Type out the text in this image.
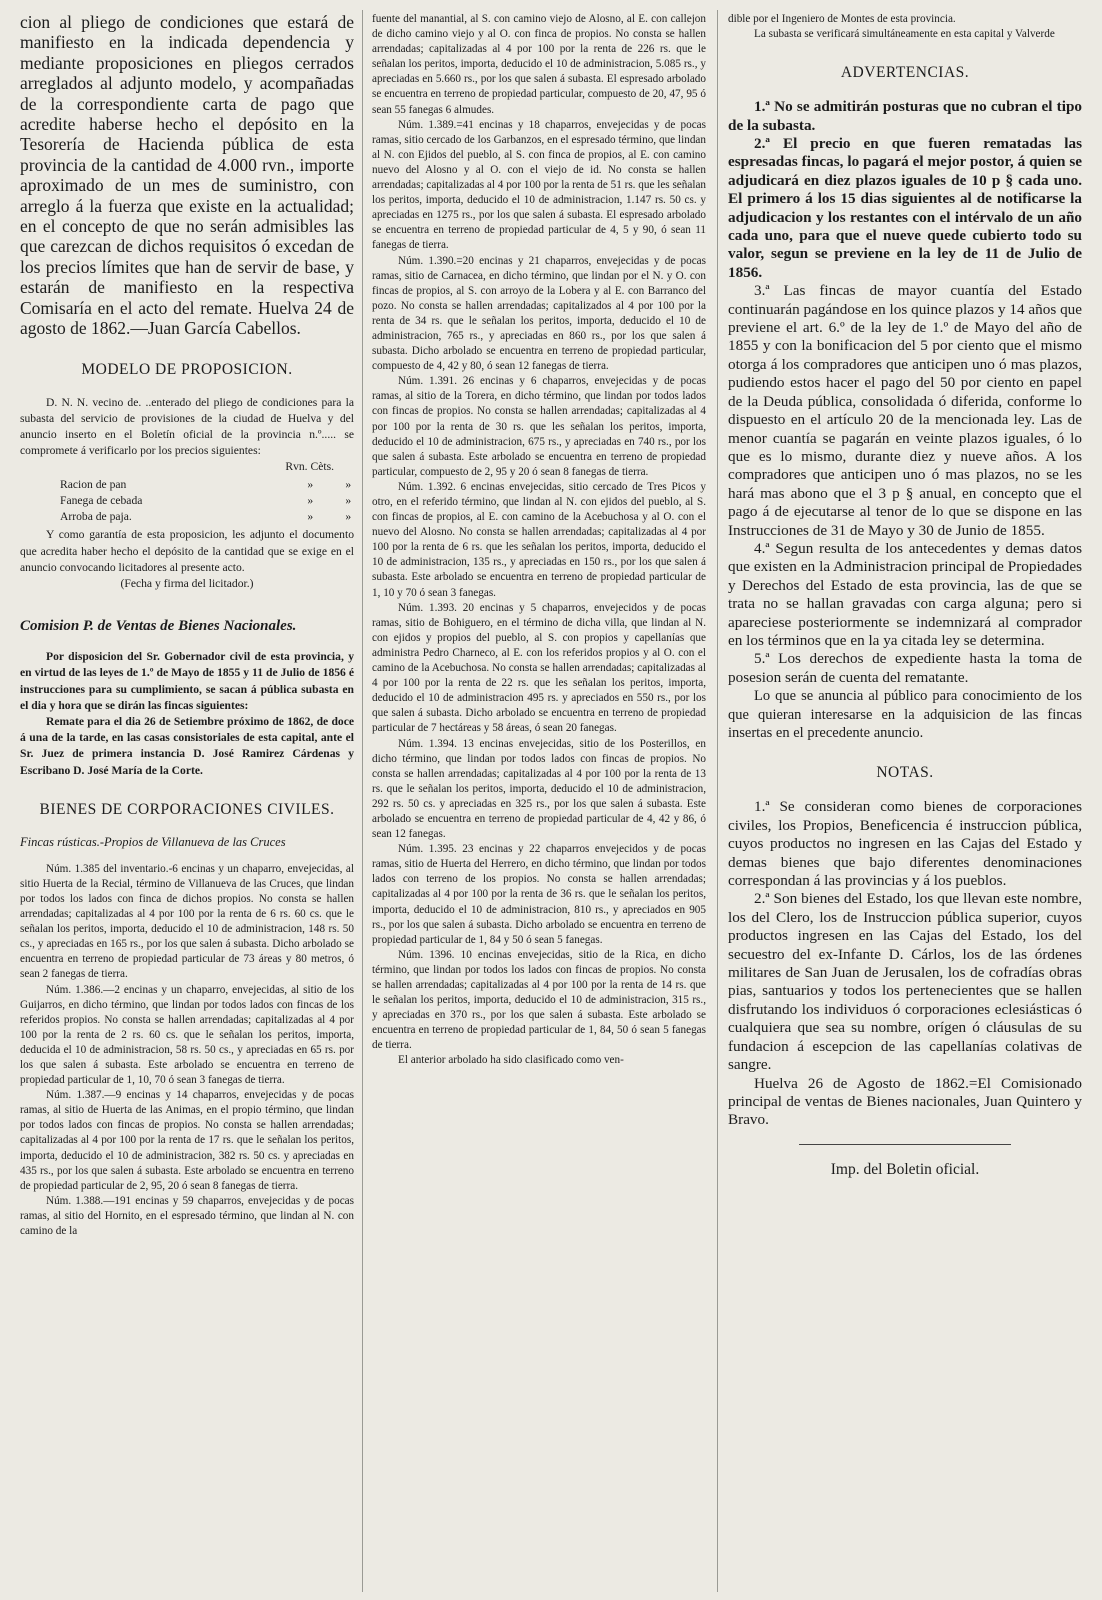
cion al pliego de condiciones que estará de manifiesto en la indicada dependencia y mediante proposiciones en pliegos cerrados arreglados al adjunto modelo, y acompañadas de la correspondiente carta de pago que acredite haberse hecho el depósito en la Tesorería de Hacienda pública de esta provincia de la cantidad de 4.000 rvn., importe aproximado de un mes de suministro, con arreglo á la fuerza que existe en la actualidad; en el concepto de que no serán admisibles las que carezcan de dichos requisitos ó excedan de los precios límites que han de servir de base, y estarán de manifiesto en la respectiva Comisaría en el acto del remate. Huelva 24 de agosto de 1862.—Juan García Cabellos.

MODELO DE PROPOSICION.

D. N. N. vecino de. ..enterado del pliego de condiciones para la subasta del servicio de provisiones de la ciudad de Huelva y del anuncio inserto en el Boletín oficial de la provincia n.º..... se compromete á verificarlo por los precios siguientes:

Rvn. Cèts.
Racion de pan	»	»
Fanega de cebada	»	»
Arroba de paja.	»	»

Y como garantía de esta proposicion, les adjunto el documento que acredita haber hecho el depósito de la cantidad que se exige en el anuncio convocando licitadores al presente acto.

(Fecha y firma del licitador.)

Comision P. de Ventas de Bienes Nacionales.

Por disposicion del Sr. Gobernador civil de esta provincia, y en virtud de las leyes de 1.º de Mayo de 1855 y 11 de Julio de 1856 é instrucciones para su cumplimiento, se sacan á pública subasta en el dia y hora que se dirán las fincas siguientes:

Remate para el dia 26 de Setiembre próximo de 1862, de doce á una de la tarde, en las casas consistoriales de esta capital, ante el Sr. Juez de primera instancia D. José Ramirez Cárdenas y Escribano D. José María de la Corte.

BIENES DE CORPORACIONES CIVILES.
Fincas rústicas.-Propios de Villanueva de las Cruces

Núm. 1.385 del inventario.-6 encinas y un chaparro, envejecidas, al sitio Huerta de la Recial, término de Villanueva de las Cruces, que lindan por todos los lados con finca de dichos propios. No consta se hallen arrendadas; capitalizadas al 4 por 100 por la renta de 6 rs. 60 cs. que le señalan los peritos, importa, deducido el 10 de administracion, 148 rs. 50 cs., y apreciadas en 165 rs., por los que salen á subasta. Dicho arbolado se encuentra en terreno de propiedad particular de 73 áreas y 80 metros, ó sean 2 fanegas de tierra.

Núm. 1.386.—2 encinas y un chaparro, envejecidas, al sitio de los Guijarros, en dicho término, que lindan por todos lados con fincas de los referidos propios. No consta se hallen arrendadas; capitalizadas al 4 por 100 por la renta de 2 rs. 60 cs. que le señalan los peritos, importa, deducida el 10 de administracion, 58 rs. 50 cs., y apreciadas en 65 rs. por los que salen á subasta. Este arbolado se encuentra en terreno de propiedad particular de 1, 10, 70 ó sean 3 fanegas de tierra.

Núm. 1.387.—9 encinas y 14 chaparros, envejecidas y de pocas ramas, al sitio de Huerta de las Animas, en el propio término, que lindan por todos lados con fincas de propios. No consta se hallen arrendadas; capitalizadas al 4 por 100 por la renta de 17 rs. que le señalan los peritos, importa, deducido el 10 de administracion, 382 rs. 50 cs. y apreciadas en 435 rs., por los que salen á subasta. Este arbolado se encuentra en terreno de propiedad particular de 2, 95, 20 ó sean 8 fanegas de tierra.

Núm. 1.388.—191 encinas y 59 chaparros, envejecidas y de pocas ramas, al sitio del Hornito, en el espresado término, que lindan al N. con camino de la

fuente del manantial, al S. con camino viejo de Alosno, al E. con callejon de dicho camino viejo y al O. con finca de propios. No consta se hallen arrendadas; capitalizadas al 4 por 100 por la renta de 226 rs. que le señalan los peritos, importa, deducido el 10 de administracion, 5.085 rs., y apreciadas en 5.660 rs., por los que salen á subasta. El espresado arbolado se encuentra en terreno de propiedad particular, compuesto de 20, 47, 95 ó sean 55 fanegas 6 almudes.

Núm. 1.389.=41 encinas y 18 chaparros, envejecidas y de pocas ramas, sitio cercado de los Garbanzos, en el espresado término, que lindan al N. con Ejidos del pueblo, al S. con finca de propios, al E. con camino nuevo del Alosno y al O. con el viejo de id. No consta se hallen arrendadas; capitalizadas al 4 por 100 por la renta de 51 rs. que les señalan los peritos, importa, deducido el 10 de administracion, 1.147 rs. 50 cs. y apreciadas en 1275 rs., por los que salen á subasta. El espresado arbolado se encuentra en terreno de propiedad particular de 4, 5 y 90, ó sean 11 fanegas de tierra.

Núm. 1.390.=20 encinas y 21 chaparros, envejecidas y de pocas ramas, sitio de Carnacea, en dicho término, que lindan por el N. y O. con fincas de propios, al S. con arroyo de la Lobera y al E. con Barranco del pozo. No consta se hallen arrendadas; capitalizados al 4 por 100 por la renta de 34 rs. que le señalan los peritos, importa, deducido el 10 de administracion, 765 rs., y apreciadas en 860 rs., por los que salen á subasta. Dicho arbolado se encuentra en terreno de propiedad particular, compuesto de 4, 42 y 80, ó sean 12 fanegas de tierra.

Núm. 1.391. 26 encinas y 6 chaparros, envejecidas y de pocas ramas, al sitio de la Torera, en dicho término, que lindan por todos lados con fincas de propios. No consta se hallen arrendadas; capitalizadas al 4 por 100 por la renta de 30 rs. que les señalan los peritos, importa, deducido el 10 de administracion, 675 rs., y apreciadas en 740 rs., por los que salen á subasta. Este arbolado se encuentra en terreno de propiedad particular, compuesto de 2, 95 y 20 ó sean 8 fanegas de tierra.

Núm. 1.392. 6 encinas envejecidas, sitio cercado de Tres Picos y otro, en el referido término, que lindan al N. con ejidos del pueblo, al S. con fincas de propios, al E. con camino de la Acebuchosa y al O. con el nuevo del Alosno. No consta se hallen arrendadas; capitalizadas al 4 por 100 por la renta de 6 rs. que les señalan los peritos, importa, deducido el 10 de administracion, 135 rs., y apreciadas en 150 rs., por los que salen á subasta. Este arbolado se encuentra en terreno de propiedad particular de 1, 10 y 70 ó sean 3 fanegas.

Núm. 1.393. 20 encinas y 5 chaparros, envejecidos y de pocas ramas, sitio de Bohiguero, en el término de dicha villa, que lindan al N. con ejidos y propios del pueblo, al S. con propios y capellanías que administra Pedro Charneco, al E. con los referidos propios y al O. con el camino de la Acebuchosa. No consta se hallen arrendadas; capitalizadas al 4 por 100 por la renta de 22 rs. que les señalan los peritos, importa, deducido el 10 de administracion 495 rs. y apreciados en 550 rs., por los que salen á subasta. Dicho arbolado se encuentra en terreno de propiedad particular de 7 hectáreas y 58 áreas, ó sean 20 fanegas.

Núm. 1.394. 13 encinas envejecidas, sitio de los Posterillos, en dicho término, que lindan por todos lados con fincas de propios. No consta se hallen arrendadas; capitalizadas al 4 por 100 por la renta de 13 rs. que le señalan los peritos, importa, deducido el 10 de administracion, 292 rs. 50 cs. y apreciadas en 325 rs., por los que salen á subasta. Este arbolado se encuentra en terreno de propiedad particular de 4, 42 y 86, ó sean 12 fanegas.

Núm. 1.395. 23 encinas y 22 chaparros envejecidos y de pocas ramas, sitio de Huerta del Herrero, en dicho término, que lindan por todos lados con terreno de los propios. No consta se hallen arrendadas; capitalizadas al 4 por 100 por la renta de 36 rs. que le señalan los peritos, importa, deducido el 10 de administracion, 810 rs., y apreciados en 905 rs., por los que salen á subasta. Dicho arbolado se encuentra en terreno de propiedad particular de 1, 84 y 50 ó sean 5 fanegas.

Núm. 1396. 10 encinas envejecidas, sitio de la Rica, en dicho término, que lindan por todos los lados con fincas de propios. No consta se hallen arrendadas; capitalizadas al 4 por 100 por la renta de 14 rs. que le señalan los peritos, importa, deducido el 10 de administracion, 315 rs., y apreciadas en 370 rs., por los que salen á subasta. Este arbolado se encuentra en terreno de propiedad particular de 1, 84, 50 ó sean 5 fanegas de tierra.

El anterior arbolado ha sido clasificado como ven-

dible por el Ingeniero de Montes de esta provincia.

La subasta se verificará simultáneamente en esta capital y Valverde

ADVERTENCIAS.

1.ª No se admitirán posturas que no cubran el tipo de la subasta.

2.ª El precio en que fueren rematadas las espresadas fincas, lo pagará el mejor postor, á quien se adjudicará en diez plazos iguales de 10 p § cada uno. El primero á los 15 dias siguientes al de notificarse la adjudicacion y los restantes con el intérvalo de un año cada uno, para que el nueve quede cubierto todo su valor, segun se previene en la ley de 11 de Julio de 1856.

3.ª Las fincas de mayor cuantía del Estado continuarán pagándose en los quince plazos y 14 años que previene el art. 6.º de la ley de 1.º de Mayo del año de 1855 y con la bonificacion del 5 por ciento que el mismo otorga á los compradores que anticipen uno ó mas plazos, pudiendo estos hacer el pago del 50 por ciento en papel de la Deuda pública, consolidada ó diferida, conforme lo dispuesto en el artículo 20 de la mencionada ley. Las de menor cuantía se pagarán en veinte plazos iguales, ó lo que es lo mismo, durante diez y nueve años. A los compradores que anticipen uno ó mas plazos, no se les hará mas abono que el 3 p § anual, en concepto que el pago á de ejecutarse al tenor de lo que se dispone en las Instrucciones de 31 de Mayo y 30 de Junio de 1855.

4.ª Segun resulta de los antecedentes y demas datos que existen en la Administracion principal de Propiedades y Derechos del Estado de esta provincia, las de que se trata no se hallan gravadas con carga alguna; pero si apareciese posteriormente se indemnizará al comprador en los términos que en la ya citada ley se determina.

5.ª Los derechos de expediente hasta la toma de posesion serán de cuenta del rematante.

Lo que se anuncia al público para conocimiento de los que quieran interesarse en la adquisicion de las fincas insertas en el precedente anuncio.

NOTAS.

1.ª Se consideran como bienes de corporaciones civiles, los Propios, Beneficencia é instruccion pública, cuyos productos no ingresen en las Cajas del Estado y demas bienes que bajo diferentes denominaciones correspondan á las provincias y á los pueblos.

2.ª Son bienes del Estado, los que llevan este nombre, los del Clero, los de Instruccion pública superior, cuyos productos ingresen en las Cajas del Estado, los del secuestro del ex-Infante D. Cárlos, los de las órdenes militares de San Juan de Jerusalen, los de cofradías obras pias, santuarios y todos los pertenecientes que se hallen disfrutando los individuos ó corporaciones eclesiásticas ó cualquiera que sea su nombre, orígen ó cláusulas de su fundacion á escepcion de las capellanías colativas de sangre.

Huelva 26 de Agosto de 1862.=El Comisionado principal de ventas de Bienes nacionales, Juan Quintero y Bravo.

Imp. del Boletin oficial.
